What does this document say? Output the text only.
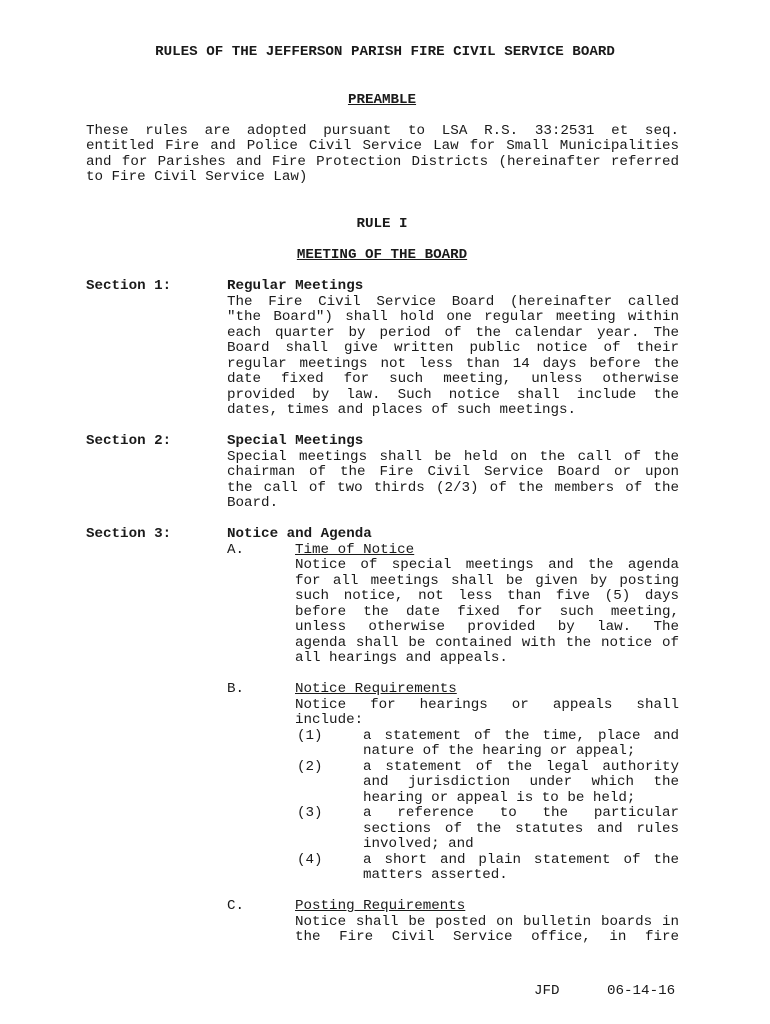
RULES OF THE JEFFERSON PARISH FIRE CIVIL SERVICE BOARD
PREAMBLE
These rules are adopted pursuant to LSA R.S. 33:2531 et seq.
entitled Fire and Police Civil Service Law for Small Municipalities
and for Parishes and Fire Protection Districts (hereinafter referred
to Fire Civil Service Law)
RULE I
MEETING OF THE BOARD
Section 1:	Regular Meetings
The Fire Civil Service Board (hereinafter called
"the Board") shall hold one regular meeting within
each quarter by period of the calendar year. The
Board shall give written public notice of their
regular meetings not less than 14 days before the
date fixed for such meeting, unless otherwise
provided by law. Such notice shall include the
dates, times and places of such meetings.
Section 2:	Special Meetings
Special meetings shall be held on the call of the
chairman of the Fire Civil Service Board or upon
the call of two thirds (2/3) of the members of the
Board.
Section 3:	Notice and Agenda
A.	Time of Notice
Notice of special meetings and the agenda
for all meetings shall be given by posting
such notice, not less than five (5) days
before the date fixed for such meeting,
unless otherwise provided by law. The
agenda shall be contained with the notice of
all hearings and appeals.
B.	Notice Requirements
Notice for hearings or appeals shall
include:
(1)	a statement of the time, place and
nature of the hearing or appeal;
(2)	a statement of the legal authority
and jurisdiction under which the
hearing or appeal is to be held;
(3)	a reference to the particular
sections of the statutes and rules
involved; and
(4)	a short and plain statement of the
matters asserted.
C.	Posting Requirements
Notice shall be posted on bulletin boards in
the Fire Civil Service office, in fire
JFD	06-14-16
